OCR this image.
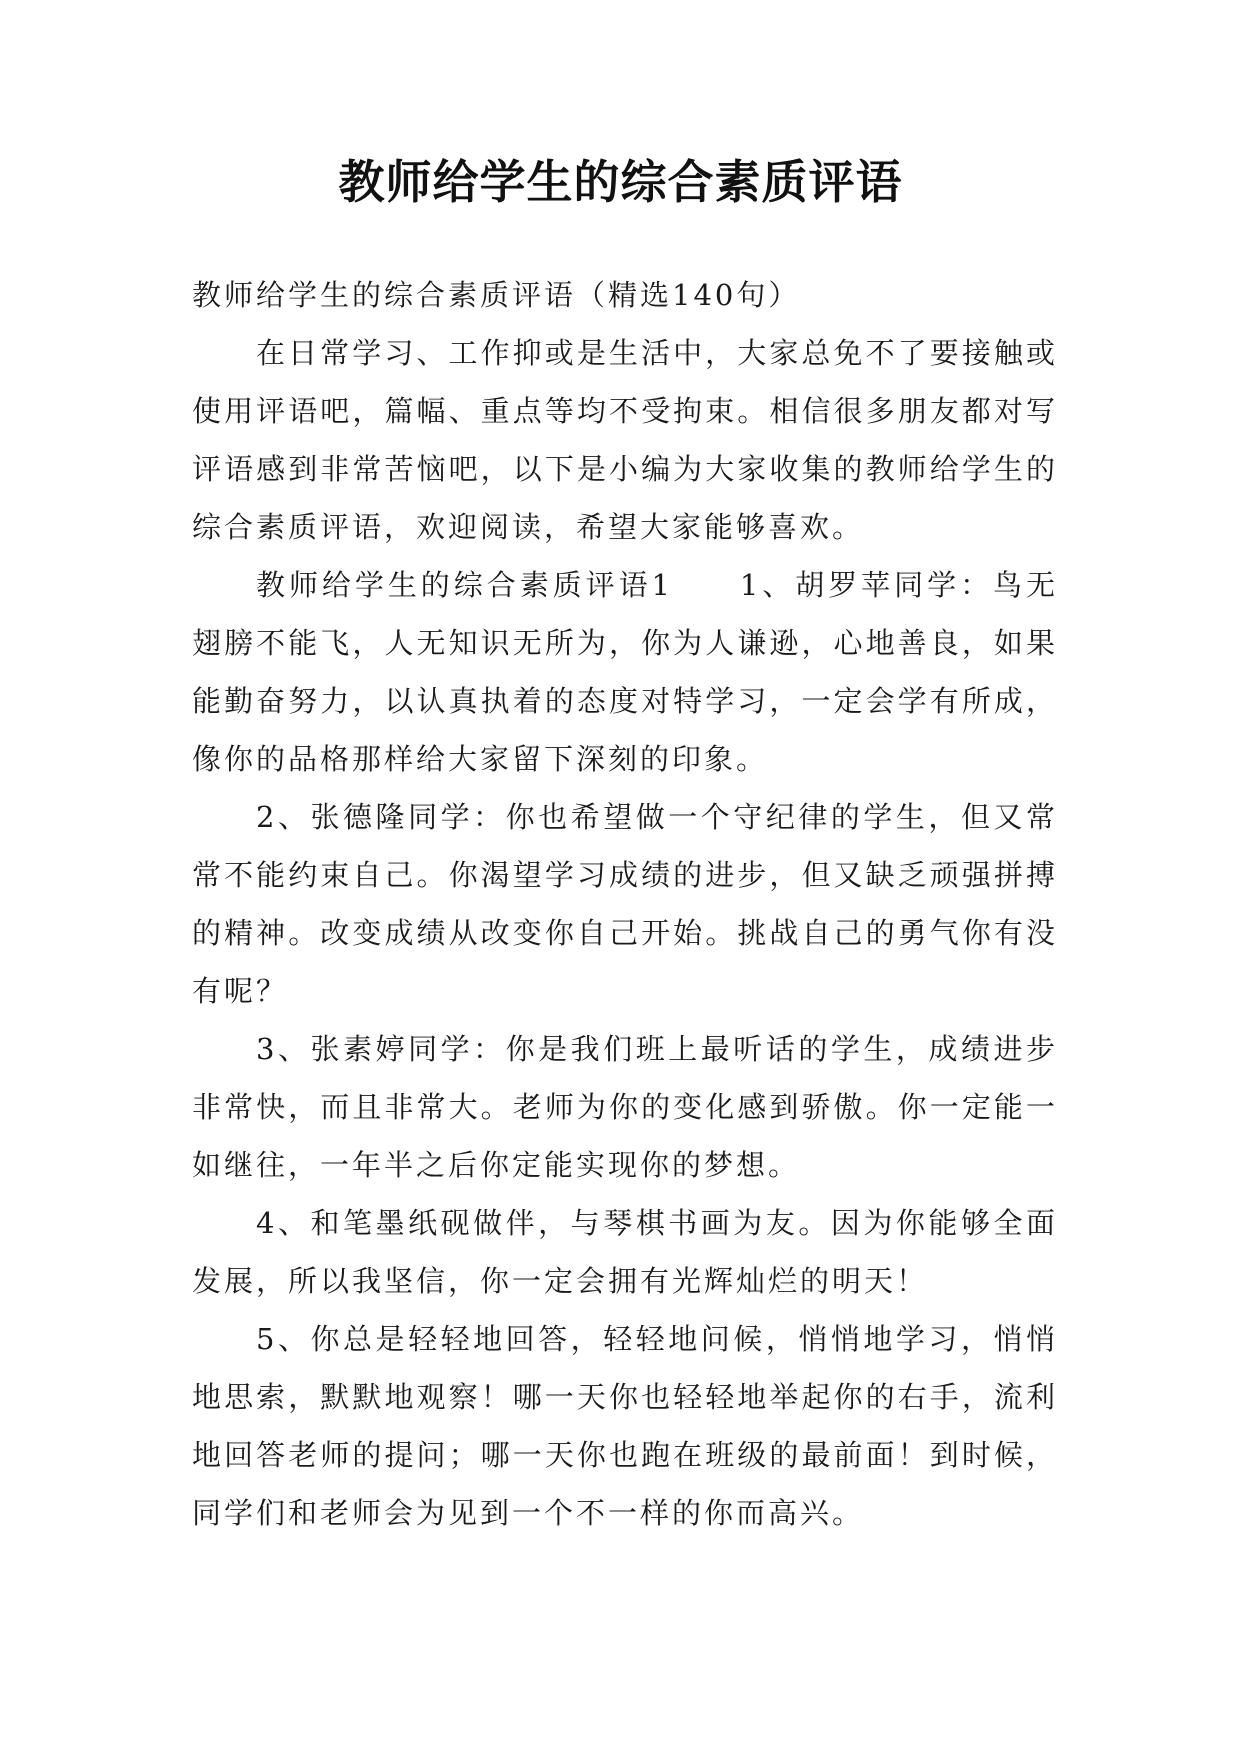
教师给学生的综合素质评语

教师给学生的综合素质评语（精选140句）

在日常学习、工作抑或是生活中，大家总免不了要接触或使用评语吧，篇幅、重点等均不受拘束。相信很多朋友都对写评语感到非常苦恼吧，以下是小编为大家收集的教师给学生的综合素质评语，欢迎阅读，希望大家能够喜欢。

教师给学生的综合素质评语1　　1、胡罗苹同学：鸟无翅膀不能飞，人无知识无所为，你为人谦逊，心地善良，如果能勤奋努力，以认真执着的态度对特学习，一定会学有所成，像你的品格那样给大家留下深刻的印象。

2、张德隆同学：你也希望做一个守纪律的学生，但又常常不能约束自己。你渴望学习成绩的进步，但又缺乏顽强拼搏的精神。改变成绩从改变你自己开始。挑战自己的勇气你有没有呢？

3、张素婷同学：你是我们班上最听话的学生，成绩进步非常快，而且非常大。老师为你的变化感到骄傲。你一定能一如继往，一年半之后你定能实现你的梦想。

4、和笔墨纸砚做伴，与琴棋书画为友。因为你能够全面发展，所以我坚信，你一定会拥有光辉灿烂的明天！

5、你总是轻轻地回答，轻轻地问候，悄悄地学习，悄悄地思索，默默地观察！哪一天你也轻轻地举起你的右手，流利地回答老师的提问；哪一天你也跑在班级的最前面！到时候，同学们和老师会为见到一个不一样的你而高兴。
